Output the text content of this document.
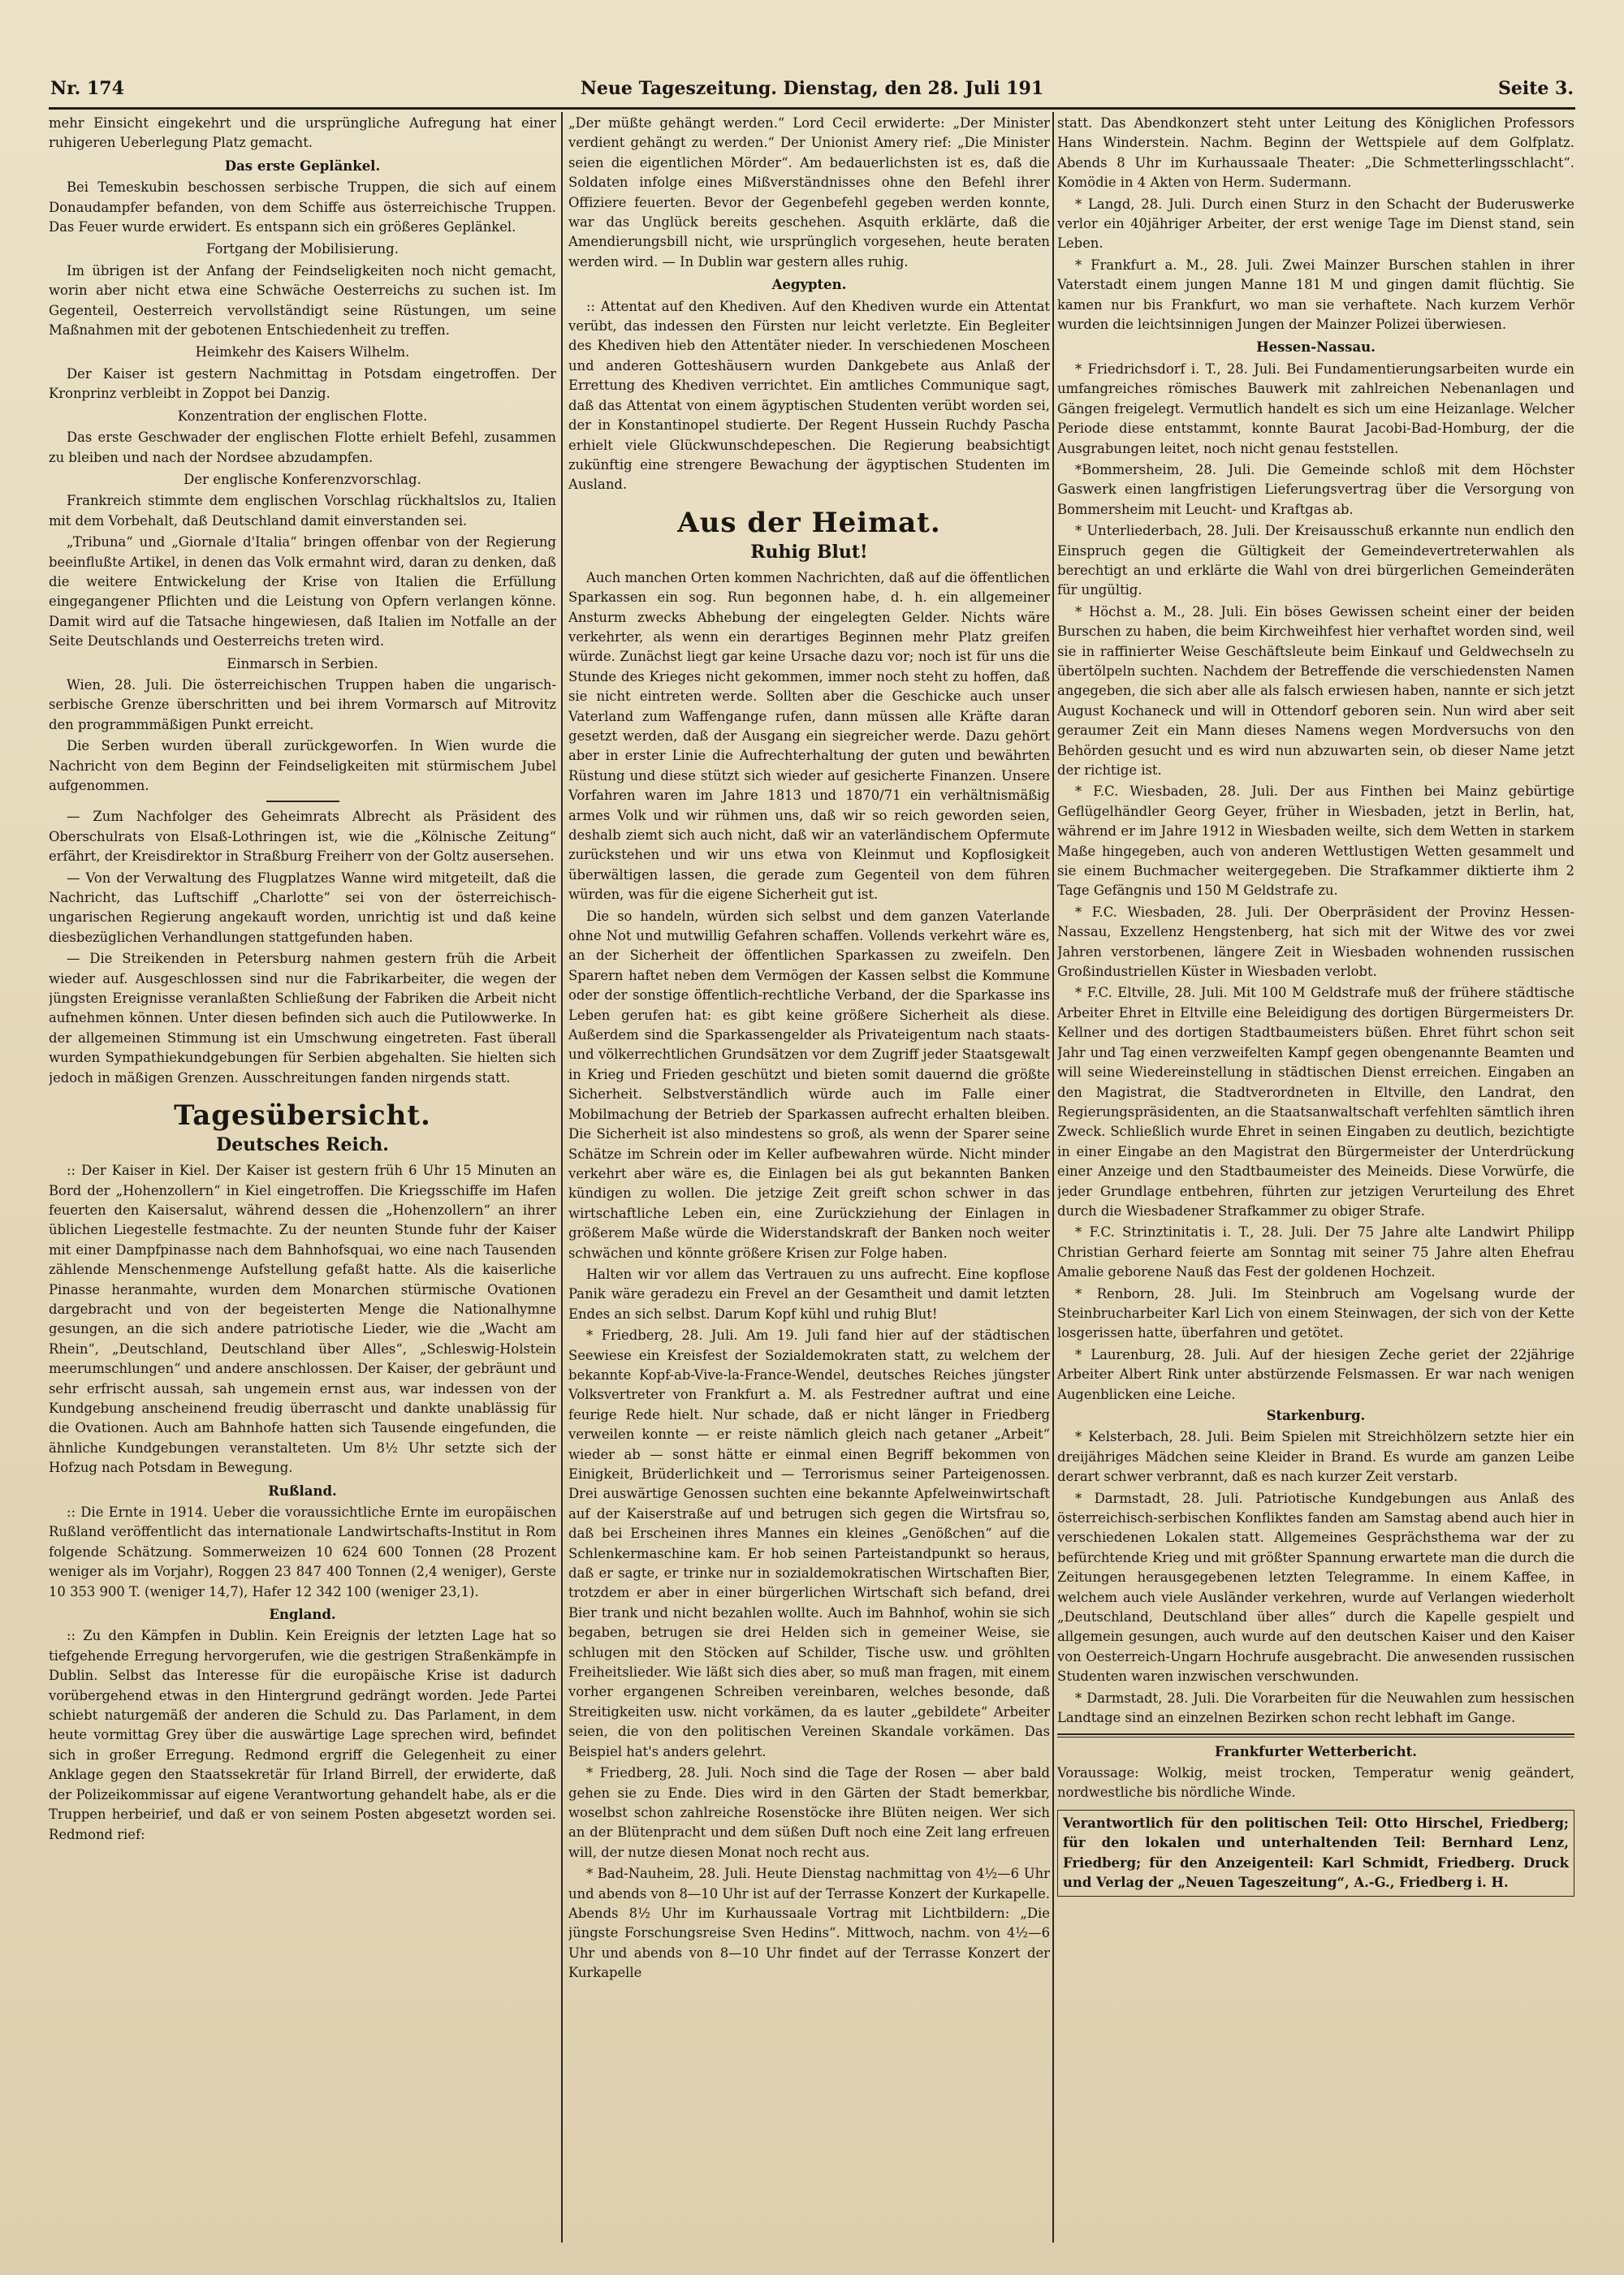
Nr. 174	Neue Tageszeitung. Dienstag, den 28. Juli 191	Seite 3.

mehr Einsicht eingekehrt und die ursprüngliche Aufregung hat einer ruhigeren Ueberlegung Platz gemacht.

Das erste Geplänkel.

Bei Temeskubin beschossen serbische Truppen, die sich auf einem Donaudampfer befanden, von dem Schiffe aus österreichische Truppen. Das Feuer wurde erwidert. Es entspann sich ein größeres Geplänkel.

Fortgang der Mobilisierung.

Im übrigen ist der Anfang der Feindseligkeiten noch nicht gemacht, worin aber nicht etwa eine Schwäche Oesterreichs zu suchen ist. Im Gegenteil, Oesterreich vervollständigt seine Rüstungen, um seine Maßnahmen mit der gebotenen Entschiedenheit zu treffen.

Heimkehr des Kaisers Wilhelm.

Der Kaiser ist gestern Nachmittag in Potsdam eingetroffen. Der Kronprinz verbleibt in Zoppot bei Danzig.

Konzentration der englischen Flotte.

Das erste Geschwader der englischen Flotte erhielt Befehl, zusammen zu bleiben und nach der Nordsee abzudampfen.

Der englische Konferenzvorschlag.

Frankreich stimmte dem englischen Vorschlag rückhaltslos zu, Italien mit dem Vorbehalt, daß Deutschland damit einverstanden sei.

„Tribuna“ und „Giornale d'Italia“ bringen offenbar von der Regierung beeinflußte Artikel, in denen das Volk ermahnt wird, daran zu denken, daß die weitere Entwickelung der Krise von Italien die Erfüllung eingegangener Pflichten und die Leistung von Opfern verlangen könne. Damit wird auf die Tatsache hingewiesen, daß Italien im Notfalle an der Seite Deutschlands und Oesterreichs treten wird.

Einmarsch in Serbien.

Wien, 28. Juli. Die österreichischen Truppen haben die ungarisch-serbische Grenze überschritten und bei ihrem Vormarsch auf Mitrovitz den programmmäßigen Punkt erreicht.

Die Serben wurden überall zurückgeworfen. In Wien wurde die Nachricht von dem Beginn der Feindseligkeiten mit stürmischem Jubel aufgenommen.

— Zum Nachfolger des Geheimrats Albrecht als Präsident des Oberschulrats von Elsaß-Lothringen ist, wie die „Kölnische Zeitung“ erfährt, der Kreisdirektor in Straßburg Freiherr von der Goltz ausersehen.

— Von der Verwaltung des Flugplatzes Wanne wird mitgeteilt, daß die Nachricht, das Luftschiff „Charlotte“ sei von der österreichisch-ungarischen Regierung angekauft worden, unrichtig ist und daß keine diesbezüglichen Verhandlungen stattgefunden haben.

— Die Streikenden in Petersburg nahmen gestern früh die Arbeit wieder auf. Ausgeschlossen sind nur die Fabrikarbeiter, die wegen der jüngsten Ereignisse veranlaßten Schließung der Fabriken die Arbeit nicht aufnehmen können. Unter diesen befinden sich auch die Putilowwerke. In der allgemeinen Stimmung ist ein Umschwung eingetreten. Fast überall wurden Sympathiekundgebungen für Serbien abgehalten. Sie hielten sich jedoch in mäßigen Grenzen. Ausschreitungen fanden nirgends statt.

Tagesübersicht.
Deutsches Reich.

:: Der Kaiser in Kiel. Der Kaiser ist gestern früh 6 Uhr 15 Minuten an Bord der „Hohenzollern“ in Kiel eingetroffen. Die Kriegsschiffe im Hafen feuerten den Kaisersalut, während dessen die „Hohenzollern“ an ihrer üblichen Liegestelle festmachte. Zu der neunten Stunde fuhr der Kaiser mit einer Dampfpinasse nach dem Bahnhofsquai, wo eine nach Tausenden zählende Menschenmenge Aufstellung gefaßt hatte. Als die kaiserliche Pinasse heranmahte, wurden dem Monarchen stürmische Ovationen dargebracht und von der begeisterten Menge die Nationalhymne gesungen, an die sich andere patriotische Lieder, wie die „Wacht am Rhein“, „Deutschland, Deutschland über Alles“, „Schleswig-Holstein meerumschlungen“ und andere anschlossen. Der Kaiser, der gebräunt und sehr erfrischt aussah, sah ungemein ernst aus, war indessen von der Kundgebung anscheinend freudig überrascht und dankte unablässig für die Ovationen. Auch am Bahnhofe hatten sich Tausende eingefunden, die ähnliche Kundgebungen veranstalteten. Um 8½ Uhr setzte sich der Hofzug nach Potsdam in Bewegung.

Rußland.

:: Die Ernte in 1914. Ueber die voraussichtliche Ernte im europäischen Rußland veröffentlicht das internationale Landwirtschafts-Institut in Rom folgende Schätzung. Sommerweizen 10 624 600 Tonnen (28 Prozent weniger als im Vorjahr), Roggen 23 847 400 Tonnen (2,4 weniger), Gerste 10 353 900 T. (weniger 14,7), Hafer 12 342 100 (weniger 23,1).

England.

:: Zu den Kämpfen in Dublin. Kein Ereignis der letzten Lage hat so tiefgehende Erregung hervorgerufen, wie die gestrigen Straßenkämpfe in Dublin. Selbst das Interesse für die europäische Krise ist dadurch vorübergehend etwas in den Hintergrund gedrängt worden. Jede Partei schiebt naturgemäß der anderen die Schuld zu. Das Parlament, in dem heute vormittag Grey über die auswärtige Lage sprechen wird, befindet sich in großer Erregung. Redmond ergriff die Gelegenheit zu einer Anklage gegen den Staatssekretär für Irland Birrell, der erwiderte, daß der Polizeikommissar auf eigene Verantwortung gehandelt habe, als er die Truppen herbeirief, und daß er von seinem Posten abgesetzt worden sei. Redmond rief:

„Der müßte gehängt werden.“ Lord Cecil erwiderte: „Der Minister verdient gehängt zu werden.“ Der Unionist Amery rief: „Die Minister seien die eigentlichen Mörder“. Am bedauerlichsten ist es, daß die Soldaten infolge eines Mißverständnisses ohne den Befehl ihrer Offiziere feuerten. Bevor der Gegenbefehl gegeben werden konnte, war das Unglück bereits geschehen. Asquith erklärte, daß die Amendierungsbill nicht, wie ursprünglich vorgesehen, heute beraten werden wird. — In Dublin war gestern alles ruhig.

Aegypten.

:: Attentat auf den Khediven. Auf den Khediven wurde ein Attentat verübt, das indessen den Fürsten nur leicht verletzte. Ein Begleiter des Khediven hieb den Attentäter nieder. In verschiedenen Moscheen und anderen Gotteshäusern wurden Dankgebete aus Anlaß der Errettung des Khediven verrichtet. Ein amtliches Communique sagt, daß das Attentat von einem ägyptischen Studenten verübt worden sei, der in Konstantinopel studierte. Der Regent Hussein Ruchdy Pascha erhielt viele Glückwunschdepeschen. Die Regierung beabsichtigt zukünftig eine strengere Bewachung der ägyptischen Studenten im Ausland.

Aus der Heimat.
Ruhig Blut!

Auch manchen Orten kommen Nachrichten, daß auf die öffentlichen Sparkassen ein sog. Run begonnen habe, d. h. ein allgemeiner Ansturm zwecks Abhebung der eingelegten Gelder. Nichts wäre verkehrter, als wenn ein derartiges Beginnen mehr Platz greifen würde. Zunächst liegt gar keine Ursache dazu vor; noch ist für uns die Stunde des Krieges nicht gekommen, immer noch steht zu hoffen, daß sie nicht eintreten werde. Sollten aber die Geschicke auch unser Vaterland zum Waffengange rufen, dann müssen alle Kräfte daran gesetzt werden, daß der Ausgang ein siegreicher werde. Dazu gehört aber in erster Linie die Aufrechterhaltung der guten und bewährten Rüstung und diese stützt sich wieder auf gesicherte Finanzen. Unsere Vorfahren waren im Jahre 1813 und 1870/71 ein verhältnismäßig armes Volk und wir rühmen uns, daß wir so reich geworden seien, deshalb ziemt sich auch nicht, daß wir an vaterländischem Opfermute zurückstehen und wir uns etwa von Kleinmut und Kopflosigkeit überwältigen lassen, die gerade zum Gegenteil von dem führen würden, was für die eigene Sicherheit gut ist.

Die so handeln, würden sich selbst und dem ganzen Vaterlande ohne Not und mutwillig Gefahren schaffen. Vollends verkehrt wäre es, an der Sicherheit der öffentlichen Sparkassen zu zweifeln. Den Sparern haftet neben dem Vermögen der Kassen selbst die Kommune oder der sonstige öffentlich-rechtliche Verband, der die Sparkasse ins Leben gerufen hat: es gibt keine größere Sicherheit als diese. Außerdem sind die Sparkassengelder als Privateigentum nach staats- und völkerrechtlichen Grundsätzen vor dem Zugriff jeder Staatsgewalt in Krieg und Frieden geschützt und bieten somit dauernd die größte Sicherheit. Selbstverständlich würde auch im Falle einer Mobilmachung der Betrieb der Sparkassen aufrecht erhalten bleiben. Die Sicherheit ist also mindestens so groß, als wenn der Sparer seine Schätze im Schrein oder im Keller aufbewahren würde. Nicht minder verkehrt aber wäre es, die Einlagen bei als gut bekannten Banken kündigen zu wollen. Die jetzige Zeit greift schon schwer in das wirtschaftliche Leben ein, eine Zurückziehung der Einlagen in größerem Maße würde die Widerstandskraft der Banken noch weiter schwächen und könnte größere Krisen zur Folge haben.

Halten wir vor allem das Vertrauen zu uns aufrecht. Eine kopflose Panik wäre geradezu ein Frevel an der Gesamtheit und damit letzten Endes an sich selbst. Darum Kopf kühl und ruhig Blut!

* Friedberg, 28. Juli. Am 19. Juli fand hier auf der städtischen Seewiese ein Kreisfest der Sozialdemokraten statt, zu welchem der bekannte Kopf-ab-Vive-la-France-Wendel, deutsches Reiches jüngster Volksvertreter von Frankfurt a. M. als Festredner auftrat und eine feurige Rede hielt. Nur schade, daß er nicht länger in Friedberg verweilen konnte — er reiste nämlich gleich nach getaner „Arbeit“ wieder ab — sonst hätte er einmal einen Begriff bekommen von Einigkeit, Brüderlichkeit und — Terrorismus seiner Parteigenossen. Drei auswärtige Genossen suchten eine bekannte Apfelweinwirtschaft auf der Kaiserstraße auf und betrugen sich gegen die Wirtsfrau so, daß bei Erscheinen ihres Mannes ein kleines „Genößchen“ auf die Schlenkermaschine kam. Er hob seinen Parteistandpunkt so heraus, daß er sagte, er trinke nur in sozialdemokratischen Wirtschaften Bier, trotzdem er aber in einer bürgerlichen Wirtschaft sich befand, drei Bier trank und nicht bezahlen wollte. Auch im Bahnhof, wohin sie sich begaben, betrugen sie drei Helden sich in gemeiner Weise, sie schlugen mit den Stöcken auf Schilder, Tische usw. und gröhlten Freiheitslieder. Wie läßt sich dies aber, so muß man fragen, mit einem vorher ergangenen Schreiben vereinbaren, welches besonde, daß Streitigkeiten usw. nicht vorkämen, da es lauter „gebildete“ Arbeiter seien, die von den politischen Vereinen Skandale vorkämen. Das Beispiel hat's anders gelehrt.

* Friedberg, 28. Juli. Noch sind die Tage der Rosen — aber bald gehen sie zu Ende. Dies wird in den Gärten der Stadt bemerkbar, woselbst schon zahlreiche Rosenstöcke ihre Blüten neigen. Wer sich an der Blütenpracht und dem süßen Duft noch eine Zeit lang erfreuen will, der nutze diesen Monat noch recht aus.

* Bad-Nauheim, 28. Juli. Heute Dienstag nachmittag von 4½—6 Uhr und abends von 8—10 Uhr ist auf der Terrasse Konzert der Kurkapelle. Abends 8½ Uhr im Kurhaussaale Vortrag mit Lichtbildern: „Die jüngste Forschungsreise Sven Hedins“. Mittwoch, nachm. von 4½—6 Uhr und abends von 8—10 Uhr findet auf der Terrasse Konzert der Kurkapelle

statt. Das Abendkonzert steht unter Leitung des Königlichen Professors Hans Winderstein. Nachm. Beginn der Wettspiele auf dem Golfplatz. Abends 8 Uhr im Kurhaussaale Theater: „Die Schmetterlingsschlacht“. Komödie in 4 Akten von Herm. Sudermann.

* Langd, 28. Juli. Durch einen Sturz in den Schacht der Buderuswerke verlor ein 40jähriger Arbeiter, der erst wenige Tage im Dienst stand, sein Leben.

* Frankfurt a. M., 28. Juli. Zwei Mainzer Burschen stahlen in ihrer Vaterstadt einem jungen Manne 181 M und gingen damit flüchtig. Sie kamen nur bis Frankfurt, wo man sie verhaftete. Nach kurzem Verhör wurden die leichtsinnigen Jungen der Mainzer Polizei überwiesen.

Hessen-Nassau.

* Friedrichsdorf i. T., 28. Juli. Bei Fundamentierungsarbeiten wurde ein umfangreiches römisches Bauwerk mit zahlreichen Nebenanlagen und Gängen freigelegt. Vermutlich handelt es sich um eine Heizanlage. Welcher Periode diese entstammt, konnte Baurat Jacobi-Bad-Homburg, der die Ausgrabungen leitet, noch nicht genau feststellen.

*Bommersheim, 28. Juli. Die Gemeinde schloß mit dem Höchster Gaswerk einen langfristigen Lieferungsvertrag über die Versorgung von Bommersheim mit Leucht- und Kraftgas ab.

* Unterliederbach, 28. Juli. Der Kreisausschuß erkannte nun endlich den Einspruch gegen die Gültigkeit der Gemeindevertreterwahlen als berechtigt an und erklärte die Wahl von drei bürgerlichen Gemeinderäten für ungültig.

* Höchst a. M., 28. Juli. Ein böses Gewissen scheint einer der beiden Burschen zu haben, die beim Kirchweihfest hier verhaftet worden sind, weil sie in raffinierter Weise Geschäftsleute beim Einkauf und Geldwechseln zu übertölpeln suchten. Nachdem der Betreffende die verschiedensten Namen angegeben, die sich aber alle als falsch erwiesen haben, nannte er sich jetzt August Kochaneck und will in Ottendorf geboren sein. Nun wird aber seit geraumer Zeit ein Mann dieses Namens wegen Mordversuchs von den Behörden gesucht und es wird nun abzuwarten sein, ob dieser Name jetzt der richtige ist.

* F.C. Wiesbaden, 28. Juli. Der aus Finthen bei Mainz gebürtige Geflügelhändler Georg Geyer, früher in Wiesbaden, jetzt in Berlin, hat, während er im Jahre 1912 in Wiesbaden weilte, sich dem Wetten in starkem Maße hingegeben, auch von anderen Wettlustigen Wetten gesammelt und sie einem Buchmacher weitergegeben. Die Strafkammer diktierte ihm 2 Tage Gefängnis und 150 M Geldstrafe zu.

* F.C. Wiesbaden, 28. Juli. Der Oberpräsident der Provinz Hessen-Nassau, Exzellenz Hengstenberg, hat sich mit der Witwe des vor zwei Jahren verstorbenen, längere Zeit in Wiesbaden wohnenden russischen Großindustriellen Küster in Wiesbaden verlobt.

* F.C. Eltville, 28. Juli. Mit 100 M Geldstrafe muß der frühere städtische Arbeiter Ehret in Eltville eine Beleidigung des dortigen Bürgermeisters Dr. Kellner und des dortigen Stadtbaumeisters büßen. Ehret führt schon seit Jahr und Tag einen verzweifelten Kampf gegen obengenannte Beamten und will seine Wiedereinstellung in städtischen Dienst erreichen. Eingaben an den Magistrat, die Stadtverordneten in Eltville, den Landrat, den Regierungspräsidenten, an die Staatsanwaltschaft verfehlten sämtlich ihren Zweck. Schließlich wurde Ehret in seinen Eingaben zu deutlich, bezichtigte in einer Eingabe an den Magistrat den Bürgermeister der Unterdrückung einer Anzeige und den Stadtbaumeister des Meineids. Diese Vorwürfe, die jeder Grundlage entbehren, führten zur jetzigen Verurteilung des Ehret durch die Wiesbadener Strafkammer zu obiger Strafe.

* F.C. Strinztinitatis i. T., 28. Juli. Der 75 Jahre alte Landwirt Philipp Christian Gerhard feierte am Sonntag mit seiner 75 Jahre alten Ehefrau Amalie geborene Nauß das Fest der goldenen Hochzeit.

* Renborn, 28. Juli. Im Steinbruch am Vogelsang wurde der Steinbrucharbeiter Karl Lich von einem Steinwagen, der sich von der Kette losgerissen hatte, überfahren und getötet.

* Laurenburg, 28. Juli. Auf der hiesigen Zeche geriet der 22jährige Arbeiter Albert Rink unter abstürzende Felsmassen. Er war nach wenigen Augenblicken eine Leiche.

Starkenburg.

* Kelsterbach, 28. Juli. Beim Spielen mit Streichhölzern setzte hier ein dreijähriges Mädchen seine Kleider in Brand. Es wurde am ganzen Leibe derart schwer verbrannt, daß es nach kurzer Zeit verstarb.

* Darmstadt, 28. Juli. Patriotische Kundgebungen aus Anlaß des österreichisch-serbischen Konfliktes fanden am Samstag abend auch hier in verschiedenen Lokalen statt. Allgemeines Gesprächsthema war der zu befürchtende Krieg und mit größter Spannung erwartete man die durch die Zeitungen herausgegebenen letzten Telegramme. In einem Kaffee, in welchem auch viele Ausländer verkehren, wurde auf Verlangen wiederholt „Deutschland, Deutschland über alles“ durch die Kapelle gespielt und allgemein gesungen, auch wurde auf den deutschen Kaiser und den Kaiser von Oesterreich-Ungarn Hochrufe ausgebracht. Die anwesenden russischen Studenten waren inzwischen verschwunden.

* Darmstadt, 28. Juli. Die Vorarbeiten für die Neuwahlen zum hessischen Landtage sind an einzelnen Bezirken schon recht lebhaft im Gange.

Frankfurter Wetterbericht.

Voraussage: Wolkig, meist trocken, Temperatur wenig geändert, nordwestliche bis nördliche Winde.

Verantwortlich für den politischen Teil: Otto Hirschel, Friedberg; für den lokalen und unterhaltenden Teil: Bernhard Lenz, Friedberg; für den Anzeigenteil: Karl Schmidt, Friedberg. Druck und Verlag der „Neuen Tageszeitung“, A.-G., Friedberg i. H.
